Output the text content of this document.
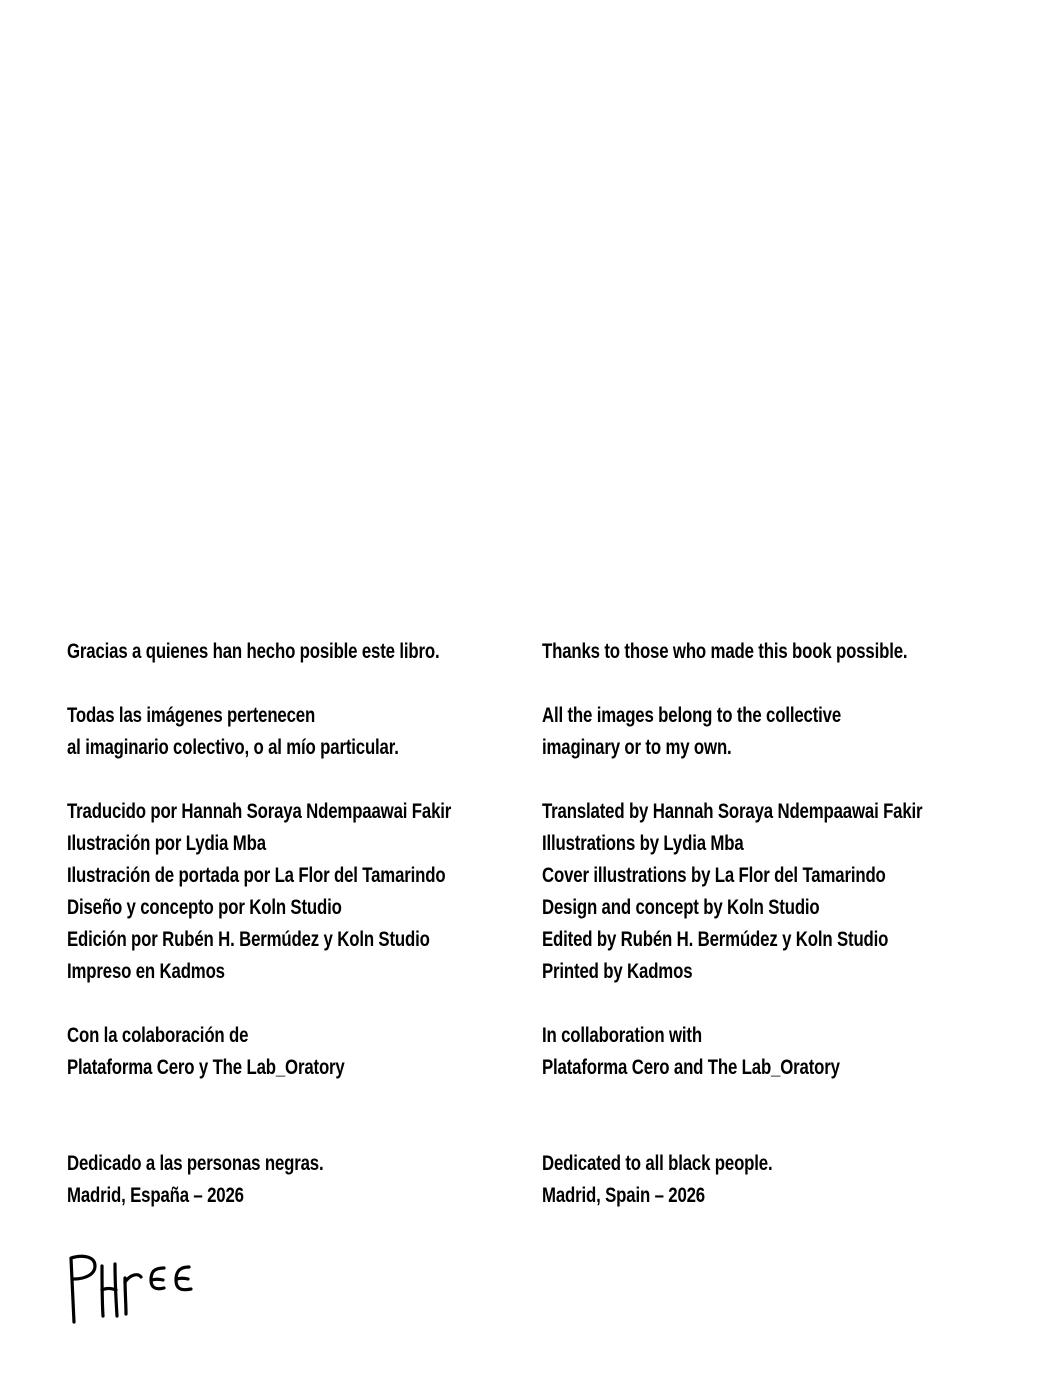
Gracias a quienes han hecho posible este libro.
Todas las imágenes pertenecen
al imaginario colectivo, o al mío particular.
Traducido por Hannah Soraya Ndempaawai Fakir
Ilustración por Lydia Mba
Ilustración de portada por La Flor del Tamarindo
Diseño y concepto por Koln Studio
Edición por Rubén H. Bermúdez y Koln Studio
Impreso en Kadmos
Con la colaboración de
Plataforma Cero y The Lab_Oratory
Dedicado a las personas negras.
Madrid, España – 2026
Thanks to those who made this book possible.
All the images belong to the collective
imaginary or to my own.
Translated by Hannah Soraya Ndempaawai Fakir
Illustrations by Lydia Mba
Cover illustrations by La Flor del Tamarindo
Design and concept by Koln Studio
Edited by Rubén H. Bermúdez y Koln Studio
Printed by Kadmos
In collaboration with
Plataforma Cero and The Lab_Oratory
Dedicated to all black people.
Madrid, Spain – 2026
